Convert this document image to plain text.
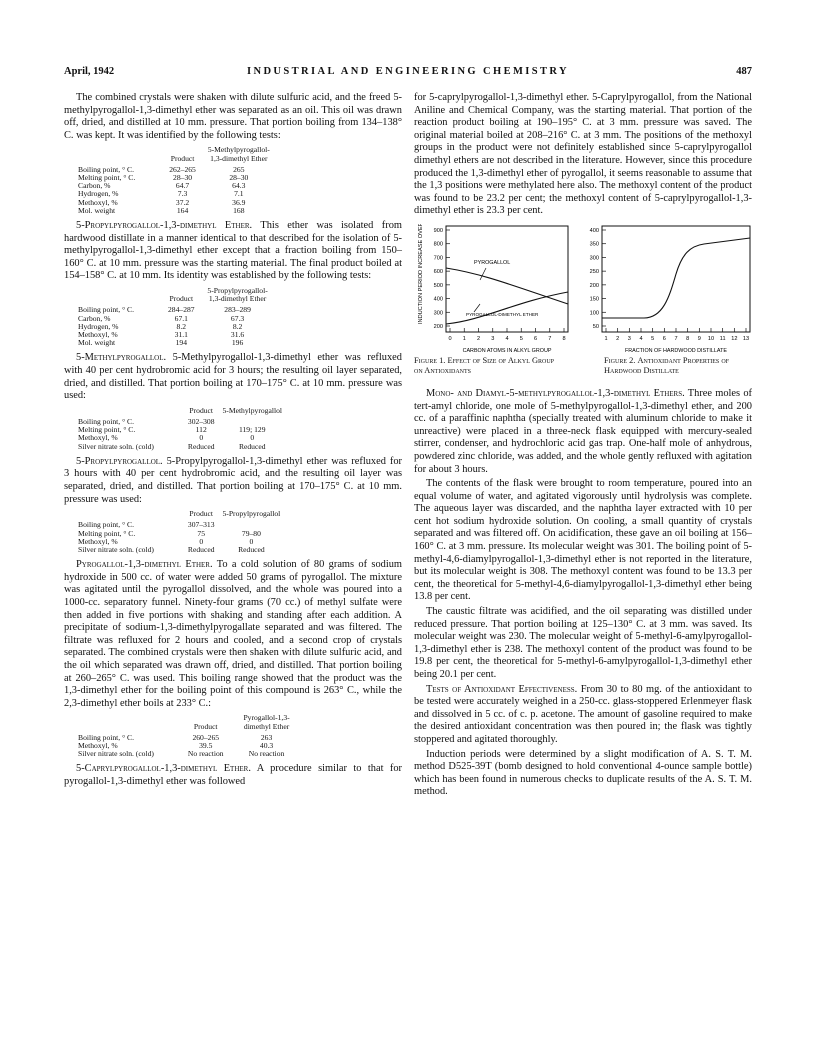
April, 1942	INDUSTRIAL AND ENGINEERING CHEMISTRY	487

The combined crystals were shaken with dilute sulfuric acid, and the freed 5-methylpyrogallol-1,3-dimethyl ether was separated as an oil. This oil was drawn off, dried, and distilled at 10 mm. pressure. That portion boiling from 134–138° C. was kept. It was identified by the following tests:

	Product	5-Methylpyrogallol-1,3-dimethyl Ether
Boiling point, ° C.	262–265	265
Melting point, ° C.	28–30	28–30
Carbon, %	64.7	64.3
Hydrogen, %	7.3	7.1
Methoxyl, %	37.2	36.9
Mol. weight	164	168

5-Propylpyrogallol-1,3-dimethyl Ether. This ether was isolated from hardwood distillate in a manner identical to that described for the isolation of 5-methylpyrogallol-1,3-dimethyl ether except that a fraction boiling from 150–160° C. at 10 mm. pressure was the starting material. The final product boiled at 154–158° C. at 10 mm. Its identity was established by the following tests:

	Product	5-Propylpyrogallol-1,3-dimethyl Ether
Boiling point, ° C.	284–287	283–289
Carbon, %	67.1	67.3
Hydrogen, %	8.2	8.2
Methoxyl, %	31.1	31.6
Mol. weight	194	196

5-Methylpyrogallol. 5-Methylpyrogallol-1,3-dimethyl ether was refluxed with 40 per cent hydrobromic acid for 3 hours; the resulting oil layer separated, dried, and distilled. That portion boiling at 170–175° C. at 10 mm. pressure was used:

	Product	5-Methylpyrogallol
Boiling point, ° C.	302–308	
Melting point, ° C.	112	119; 129
Methoxyl, %	0	0
Silver nitrate soln. (cold)	Reduced	Reduced

5-Propylpyrogallol. 5-Propylpyrogallol-1,3-dimethyl ether was refluxed for 3 hours with 40 per cent hydrobromic acid, and the resulting oil layer was separated, dried, and distilled. That portion boiling at 170–175° C. at 10 mm. pressure was used:

	Product	5-Propylpyrogallol
Boiling point, ° C.	307–313	
Melting point, ° C.	75	79–80
Methoxyl, %	0	0
Silver nitrate soln. (cold)	Reduced	Reduced

Pyrogallol-1,3-dimethyl Ether. To a cold solution of 80 grams of sodium hydroxide in 500 cc. of water were added 50 grams of pyrogallol. The mixture was agitated until the pyrogallol dissolved, and the whole was poured into a 1000-cc. separatory funnel. Ninety-four grams (70 cc.) of methyl sulfate were then added in five portions with shaking and standing after each addition. A precipitate of sodium-1,3-dimethylpyrogallate separated and was filtered. The filtrate was refluxed for 2 hours and cooled, and a second crop of crystals separated. The combined crystals were then shaken with dilute sulfuric acid, and the oil which separated was drawn off, dried, and distilled. That portion boiling at 260–265° C. was used. This boiling range showed that the product was the 1,3-dimethyl ether for the boiling point of this compound is 263° C., while the 2,3-dimethyl ether boils at 233° C.:

	Product	Pyrogallol-1,3-dimethyl Ether
Boiling point, ° C.	260–265	263
Methoxyl, %	39.5	40.3
Silver nitrate soln. (cold)	No reaction	No reaction

5-Caprylpyrogallol-1,3-dimethyl Ether. A procedure similar to that for pyrogallol-1,3-dimethyl ether was followed

for 5-caprylpyrogallol-1,3-dimethyl ether. 5-Caprylpyrogallol, from the National Aniline and Chemical Company, was the starting material. That portion of the reaction product boiling at 190–195° C. at 3 mm. pressure was saved. The original material boiled at 208–216° C. at 3 mm. The positions of the methoxyl groups in the product were not definitely established since 5-caprylpyrogallol dimethyl ethers are not described in the literature. However, since this procedure produced the 1,3-dimethyl ether of pyrogallol, it seems reasonable to assume that the 1,3 positions were methylated here also. The methoxyl content of the product was found to be 23.2 per cent; the methoxyl content of 5-caprylpyrogallol-1,3-dimethyl ether is 23.3 per cent.

INDUCTION PERIOD INCREASE OVER GASOLINE BLANK, MINUTES 900
800
700
600
500
400
300
200
0 1 2 3 4 5 6 7 8
PYROGALLOL
PYROGALLOL-DIMETHYL ETHER
CARBON ATOMS IN ALKYL GROUP
400
350
300
250
200
150
100
50
1 2 3 4 5 6 7 8 9 10 11 12 13
FRACTION OF HARDWOOD DISTILLATE
Figure 1. Effect of Size of Alkyl Group on Antioxidants
Figure 2. Antioxidant Properties of Hardwood Distillate

Mono- and Diamyl-5-methylpyrogallol-1,3-dimethyl Ethers. Three moles of tert-amyl chloride, one mole of 5-methylpyrogallol-1,3-dimethyl ether, and 200 cc. of a paraffinic naphtha (specially treated with aluminum chloride to make it unreactive) were placed in a three-neck flask equipped with mercury-sealed stirrer, condenser, and hydrochloric acid gas trap. One-half mole of anhydrous, powdered zinc chloride, was added, and the whole gently refluxed with agitation for about 3 hours.

The contents of the flask were brought to room temperature, poured into an equal volume of water, and agitated vigorously until hydrolysis was complete. The aqueous layer was discarded, and the naphtha layer extracted with 10 per cent hot sodium hydroxide solution. On cooling, a small quantity of crystals separated and was filtered off. On acidification, these gave an oil boiling at 156–160° C. at 3 mm. pressure. Its molecular weight was 301. The boiling point of 5-methyl-4,6-diamylpyrogallol-1,3-dimethyl ether is not reported in the literature, but its molecular weight is 308. The methoxyl content was found to be 13.3 per cent, the theoretical for 5-methyl-4,6-diamylpyrogallol-1,3-dimethyl ether being 13.8 per cent.

The caustic filtrate was acidified, and the oil separating was distilled under reduced pressure. That portion boiling at 125–130° C. at 3 mm. was saved. Its molecular weight was 230. The molecular weight of 5-methyl-6-amylpyrogallol-1,3-dimethyl ether is 238. The methoxyl content of the product was found to be 19.8 per cent, the theoretical for 5-methyl-6-amylpyrogallol-1,3-dimethyl ether being 20.1 per cent.

Tests of Antioxidant Effectiveness. From 30 to 80 mg. of the antioxidant to be tested were accurately weighed in a 250-cc. glass-stoppered Erlenmeyer flask and dissolved in 5 cc. of c. p. acetone. The amount of gasoline required to make the desired antioxidant concentration was then poured in; the flask was tightly stoppered and agitated thoroughly.

Induction periods were determined by a slight modification of A. S. T. M. method D525-39T (bomb designed to hold conventional 4-ounce sample bottle) which has been found in numerous checks to duplicate results of the A. S. T. M. method.
